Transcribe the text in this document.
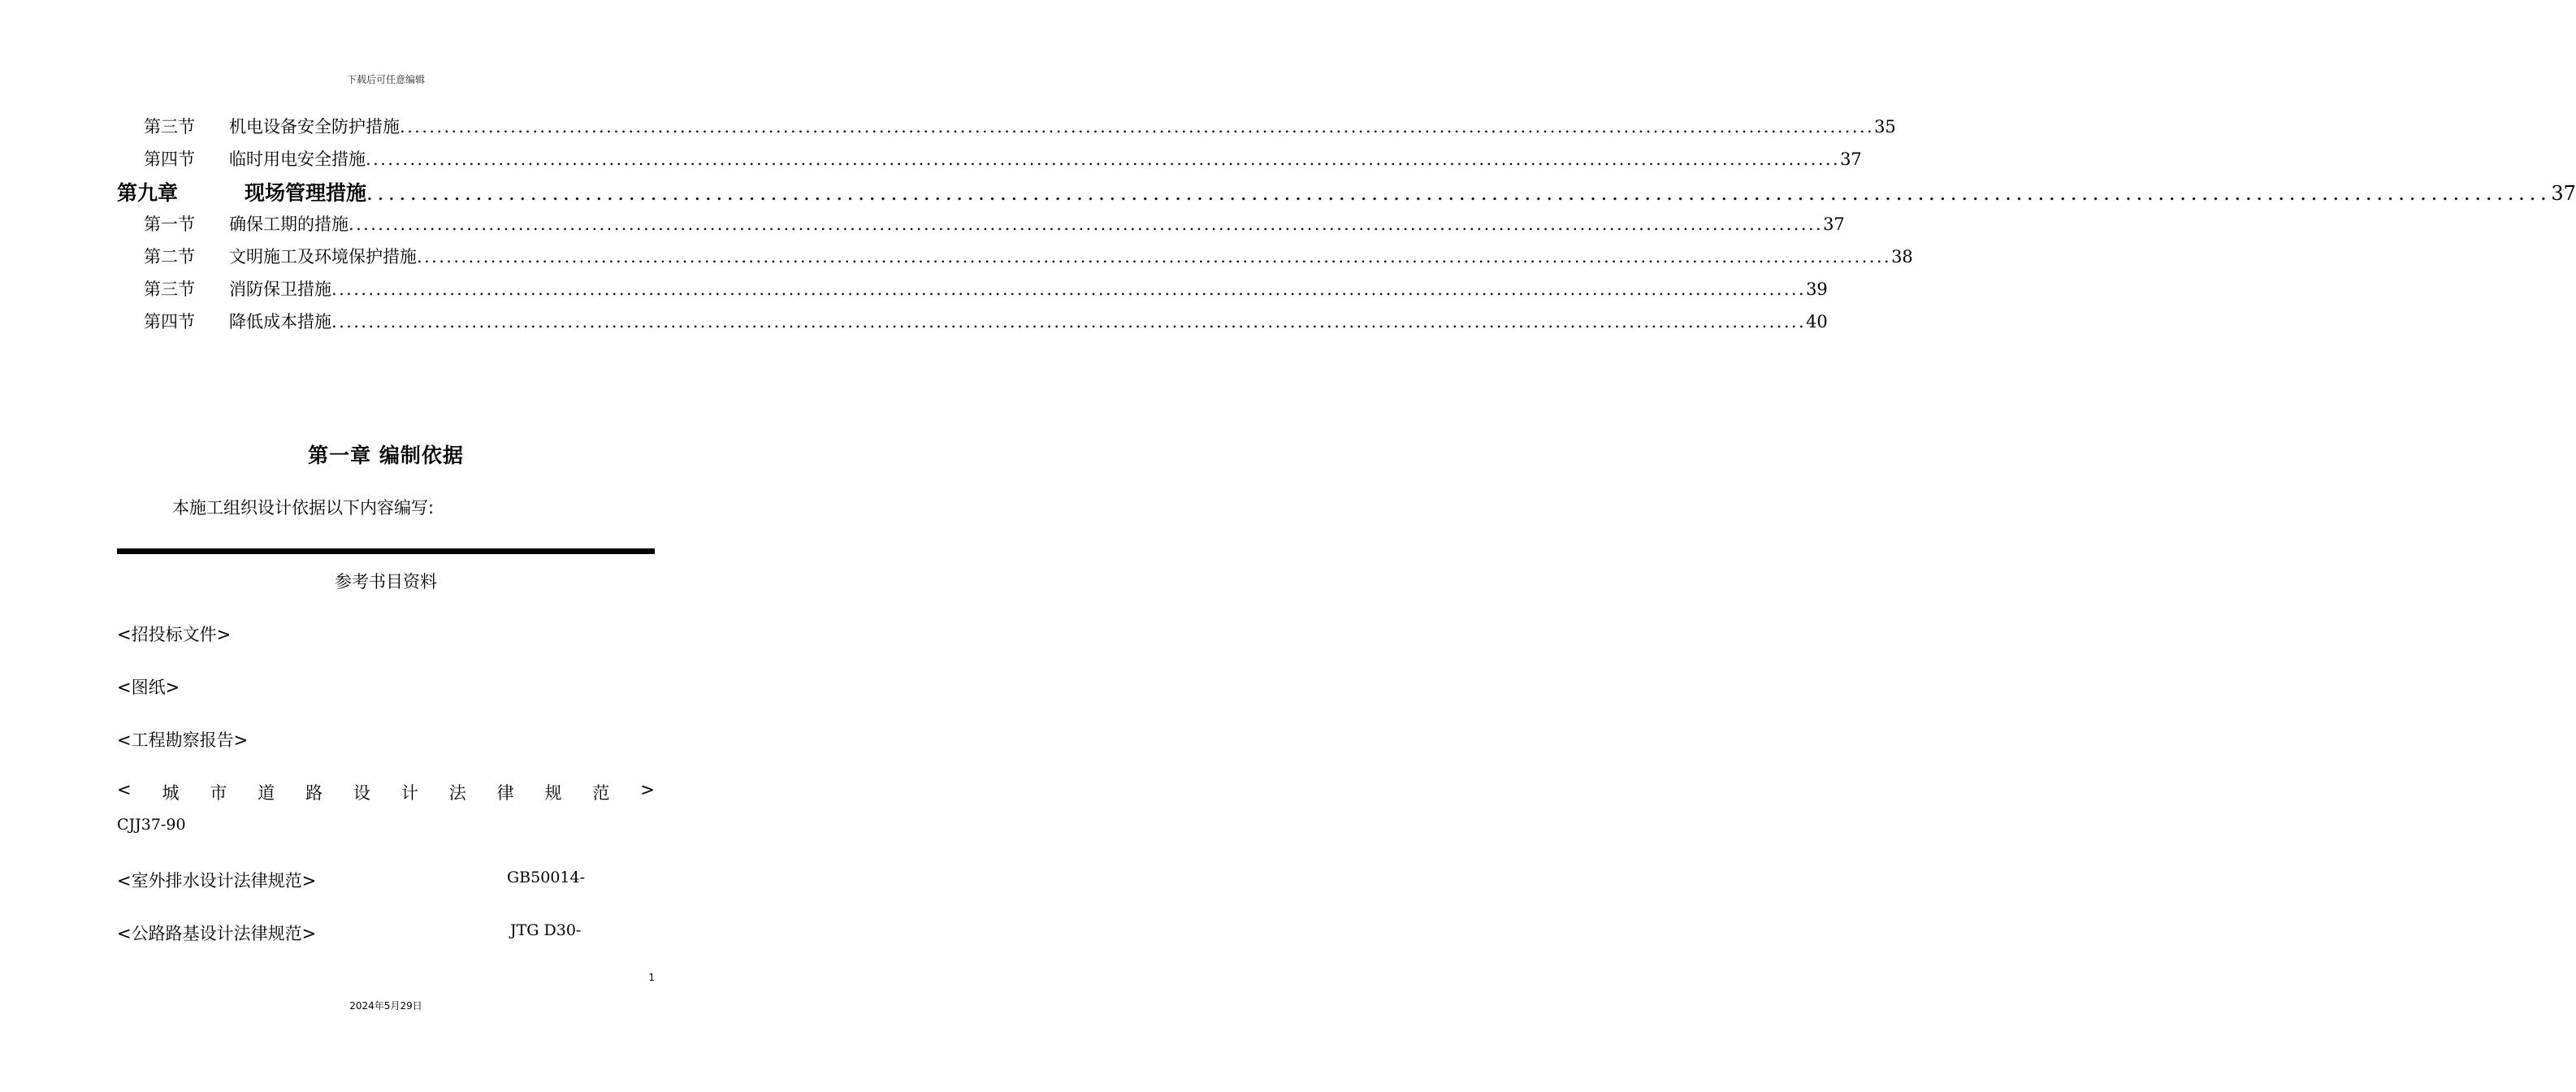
下载后可任意编辑
第三节	机电设备安全防护措施 ........................................................................................................................................................................................................ 35
第四节	临时用电安全措施 ........................................................................................................................................................................................................ 37
第九章	现场管理措施 ........................................................................................................................................................................................................ 37
第一节	确保工期的措施 ........................................................................................................................................................................................................ 37
第二节	文明施工及环境保护措施 ........................................................................................................................................................................................................ 38
第三节	消防保卫措施 ........................................................................................................................................................................................................ 39
第四节	降低成本措施 ........................................................................................................................................................................................................ 40
第一章 编制依据
本施工组织设计依据以下内容编写:
参考书目资料
<招投标文件>
<图纸>
<工程勘察报告>
< 城 市 道 路 设 计 法 律 规 范 >
CJJ37-90
<室外排水设计法律规范>	GB50014-
<公路路基设计法律规范>	JTG D30-
1
2024年5月29日
